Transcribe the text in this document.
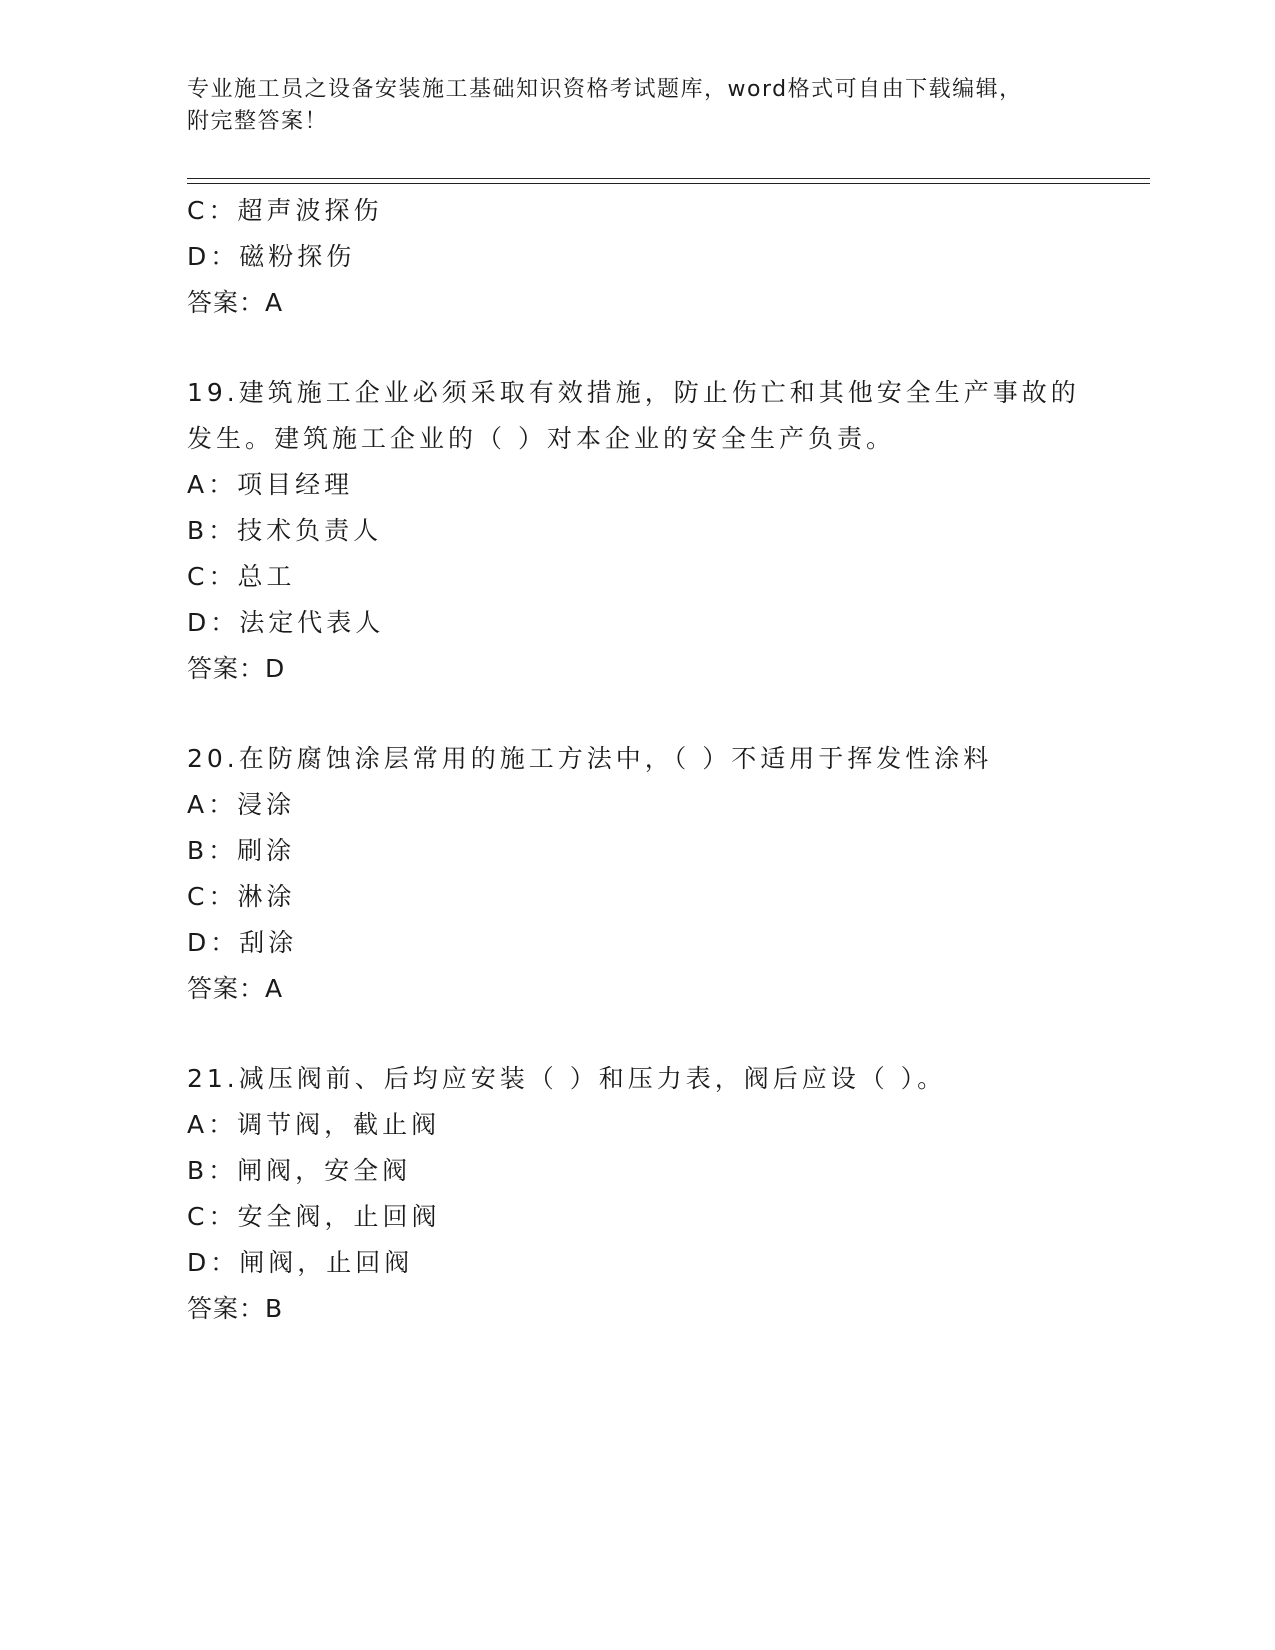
专业施工员之设备安装施工基础知识资格考试题库，word格式可自由下载编辑，
附完整答案！
C：超声波探伤
D：磁粉探伤
答案：A
19.建筑施工企业必须采取有效措施，防止伤亡和其他安全生产事故的
发生。建筑施工企业的（ ）对本企业的安全生产负责。
A：项目经理
B：技术负责人
C：总工
D：法定代表人
答案：D
20.在防腐蚀涂层常用的施工方法中，（ ）不适用于挥发性涂料
A：浸涂
B：刷涂
C：淋涂
D：刮涂
答案：A
21.减压阀前、后均应安装（ ）和压力表，阀后应设（ ）。
A：调节阀，截止阀
B：闸阀，安全阀
C：安全阀，止回阀
D：闸阀，止回阀
答案：B
